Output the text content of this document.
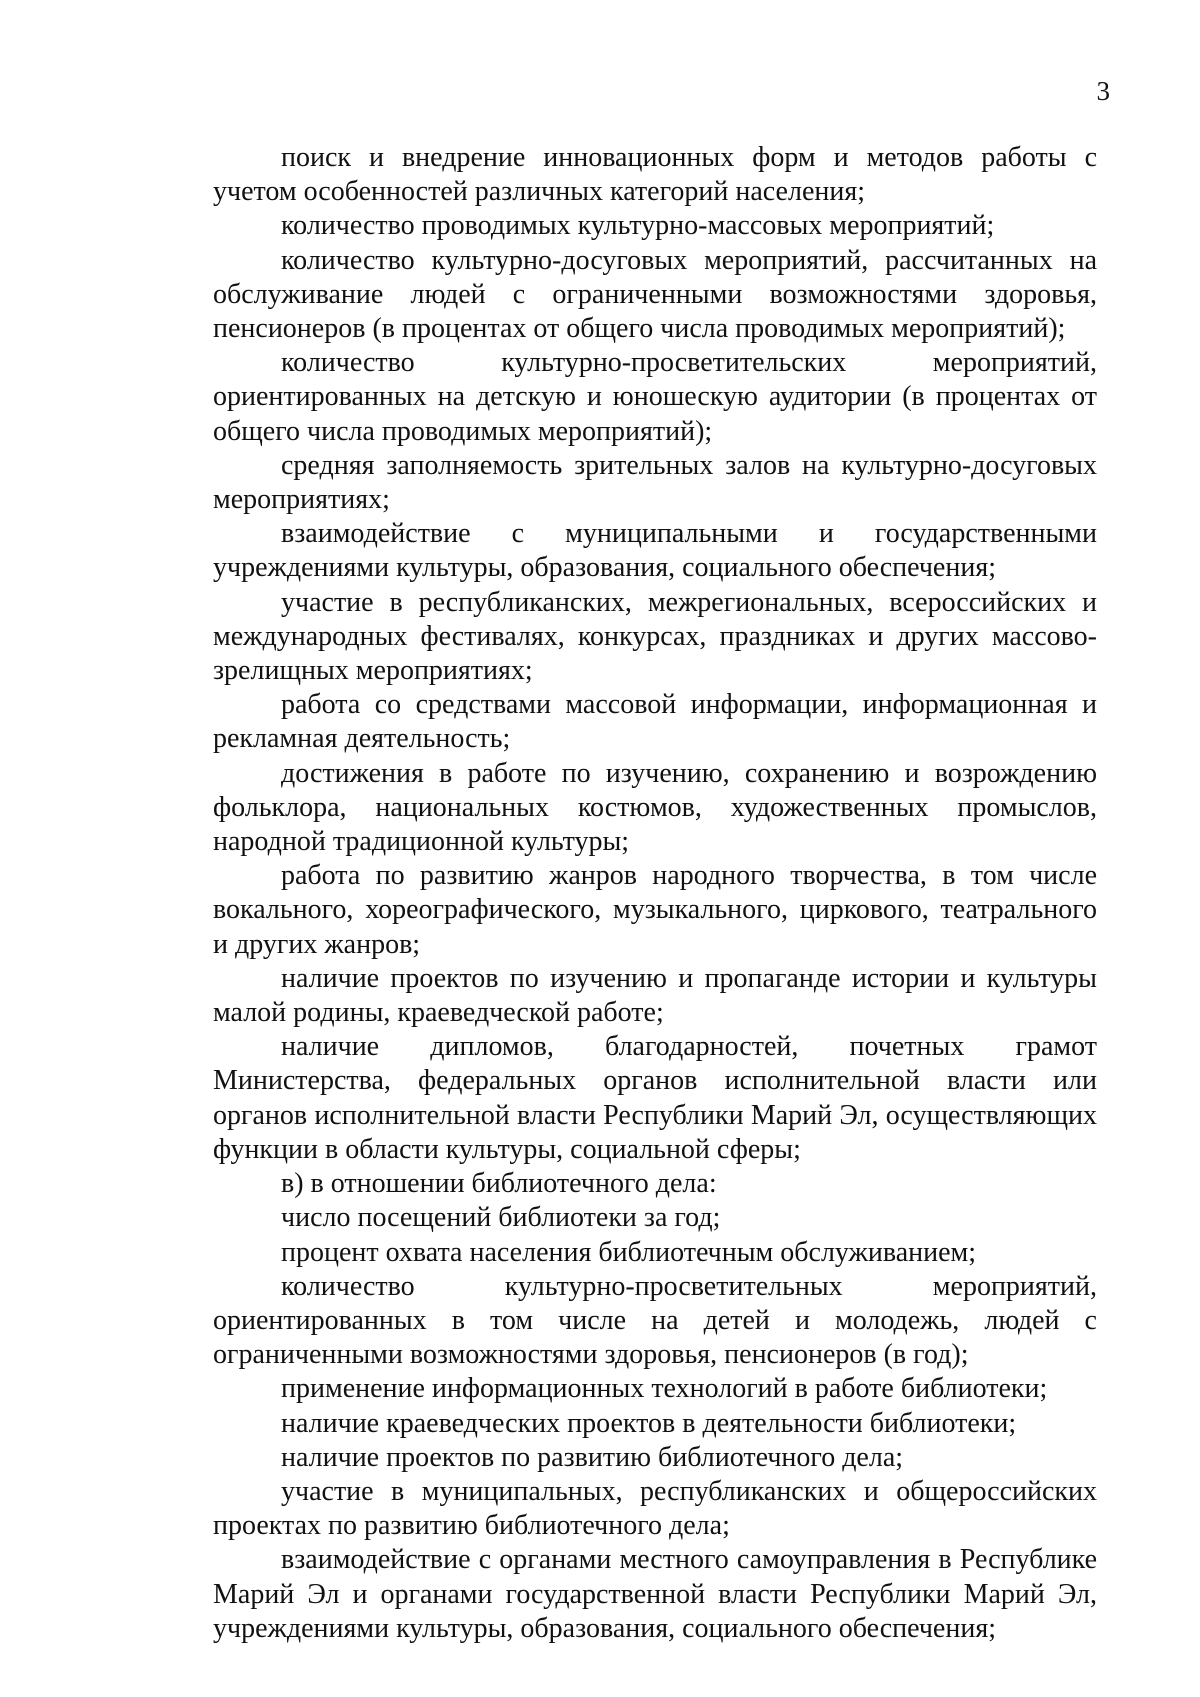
3

поиск и внедрение инновационных форм и методов работы с учетом особенностей различных категорий населения;

количество проводимых культурно-массовых мероприятий;

количество культурно-досуговых мероприятий, рассчитанных на обслуживание людей с ограниченными возможностями здоровья, пенсионеров (в процентах от общего числа проводимых мероприятий);

количество культурно-просветительских мероприятий, ориентированных на детскую и юношескую аудитории (в процентах от общего числа проводимых мероприятий);

средняя заполняемость зрительных залов на культурно-досуговых мероприятиях;

взаимодействие с муниципальными и государственными учреждениями культуры, образования, социального обеспечения;

участие в республиканских, межрегиональных, всероссийских и международных фестивалях, конкурсах, праздниках и других массово-зрелищных мероприятиях;

работа со средствами массовой информации, информационная и рекламная деятельность;

достижения в работе по изучению, сохранению и возрождению фольклора, национальных костюмов, художественных промыслов, народной традиционной культуры;

работа по развитию жанров народного творчества, в том числе вокального, хореографического, музыкального, циркового, театрального и других жанров;

наличие проектов по изучению и пропаганде истории и культуры малой родины, краеведческой работе;

наличие дипломов, благодарностей, почетных грамот Министерства, федеральных органов исполнительной власти или органов исполнительной власти Республики Марий Эл, осуществляющих функции в области культуры, социальной сферы;

в) в отношении библиотечного дела:

число посещений библиотеки за год;

процент охвата населения библиотечным обслуживанием;

количество культурно-просветительных мероприятий, ориентированных в том числе на детей и молодежь, людей с ограниченными возможностями здоровья, пенсионеров (в год);

применение информационных технологий в работе библиотеки;

наличие краеведческих проектов в деятельности библиотеки;

наличие проектов по развитию библиотечного дела;

участие в муниципальных, республиканских и общероссийских проектах по развитию библиотечного дела;

взаимодействие с органами местного самоуправления в Республике Марий Эл и органами государственной власти Республики Марий Эл, учреждениями культуры, образования, социального обеспечения;
